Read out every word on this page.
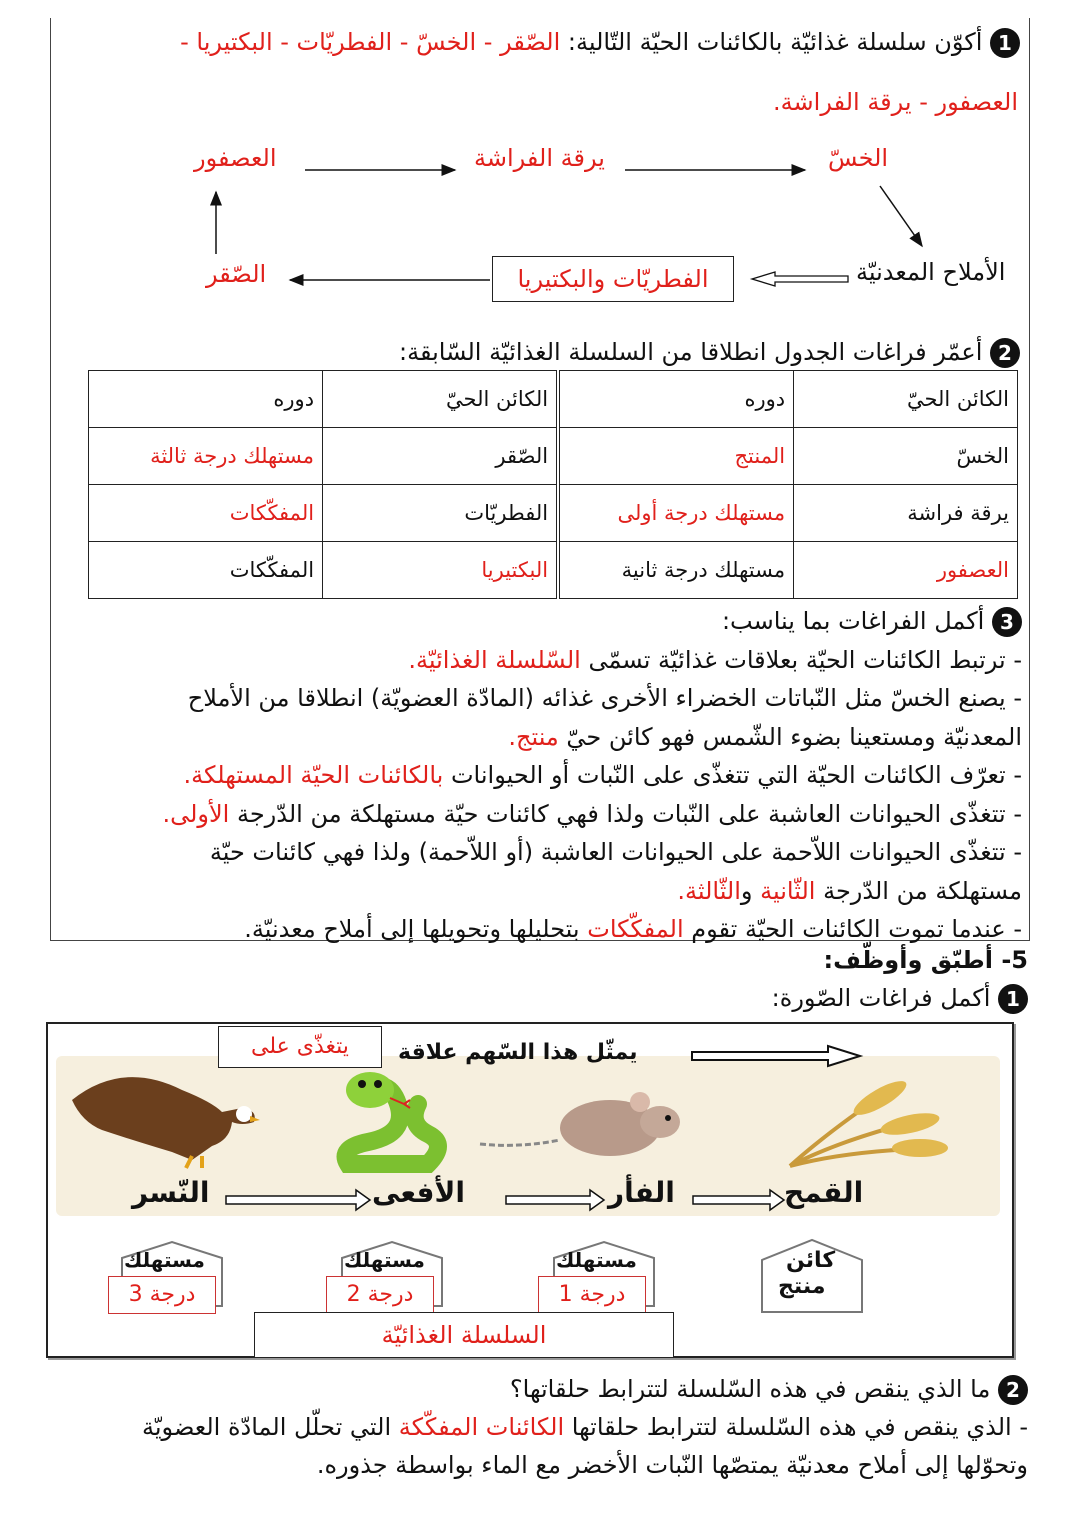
1 أكوّن سلسلة غذائيّة بالكائنات الحيّة التّالية: الصّقر - الخسّ - الفطريّات - البكتيريا -
العصفور - يرقة الفراشة.
الخسّ
يرقة الفراشة
العصفور
الصّقر	الأملاح المعدنيّة
الفطريّات والبكتيريا
2 أعمّر فراغات الجدول انطلاقا من السلسلة الغذائيّة السّابقة:
الكائن الحيّ	دوره	الكائن الحيّ	دوره
الخسّ	المنتج	الصّقر	مستهلك درجة ثالثة
يرقة فراشة	مستهلك درجة أولى	الفطريّات	المفكّكات
العصفور	مستهلك درجة ثانية	البكتيريا	المفكّكات
3 أكمل الفراغات بما يناسب:
- ترتبط الكائنات الحيّة بعلاقات غذائيّة تسمّى السّلسلة الغذائيّة.
- يصنع الخسّ مثل النّباتات الخضراء الأخرى غذائه (المادّة العضويّة) انطلاقا من الأملاح
المعدنيّة ومستعينا بضوء الشّمس فهو كائن حيّ منتج.
- تعرّف الكائنات الحيّة التي تتغذّى على النّبات أو الحيوانات بالكائنات الحيّة المستهلكة.
- تتغذّى الحيوانات العاشبة على النّبات ولذا فهي كائنات حيّة مستهلكة من الدّرجة الأولى.
- تتغذّى الحيوانات اللاّحمة على الحيوانات العاشبة (أو اللاّحمة) ولذا فهي كائنات حيّة
مستهلكة من الدّرجة الثّانية والثّالثة.
- عندما تموت الكائنات الحيّة تقوم المفكّكات بتحليلها وتحويلها إلى أملاح معدنيّة.
5- أطبّق وأوظّف:
1 أكمل فراغات الصّورة:
يمثّل هذا السّهم علاقة
يتغذّى على
النّسر	الأفعى	الفأر	القمح
كائن
منتج
مستهلك
درجة 1
مستهلك
درجة 2
مستهلك
درجة 3
السلسلة الغذائيّة
2 ما الذي ينقص في هذه السّلسلة لتترابط حلقاتها؟
- الذي ينقص في هذه السّلسلة لتترابط حلقاتها الكائنات المفكّكة التي تحلّل المادّة العضويّة
وتحوّلها إلى أملاح معدنيّة يمتصّها النّبات الأخضر مع الماء بواسطة جذوره.
